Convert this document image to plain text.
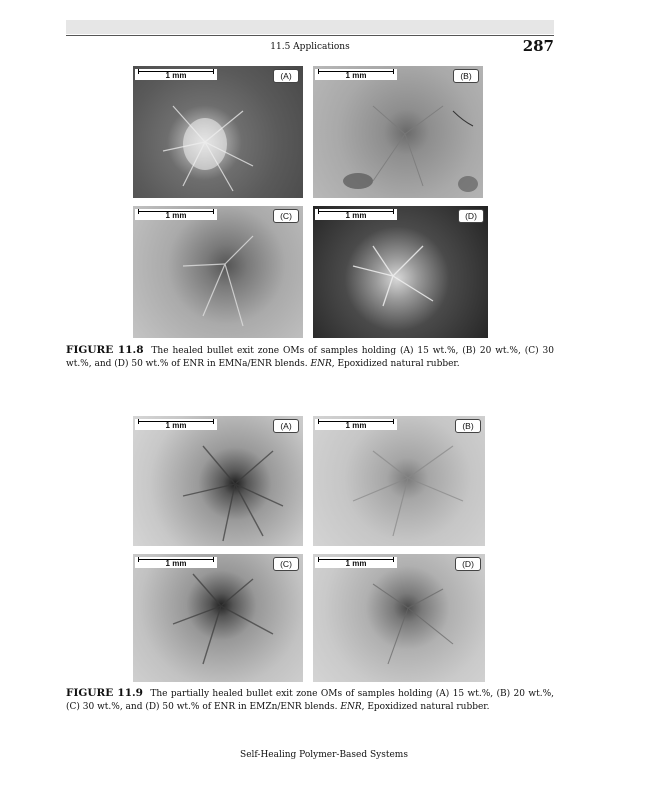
11.5 Applications	287
1 mm	(A)	1 mm	(B)
1 mm	(C)	1 mm	(D)
FIGURE 11.8 The healed bullet exit zone OMs of samples holding (A) 15 wt.%, (B) 20 wt.%, (C) 30 wt.%, and (D) 50 wt.% of ENR in EMNa/ENR blends. ENR, Epoxidized natural rubber.
1 mm	(A)	1 mm	(B)
1 mm	(C)	1 mm	(D)
FIGURE 11.9 The partially healed bullet exit zone OMs of samples holding (A) 15 wt.%, (B) 20 wt.%, (C) 30 wt.%, and (D) 50 wt.% of ENR in EMZn/ENR blends. ENR, Epoxidized natural rubber.
Self-Healing Polymer-Based Systems
